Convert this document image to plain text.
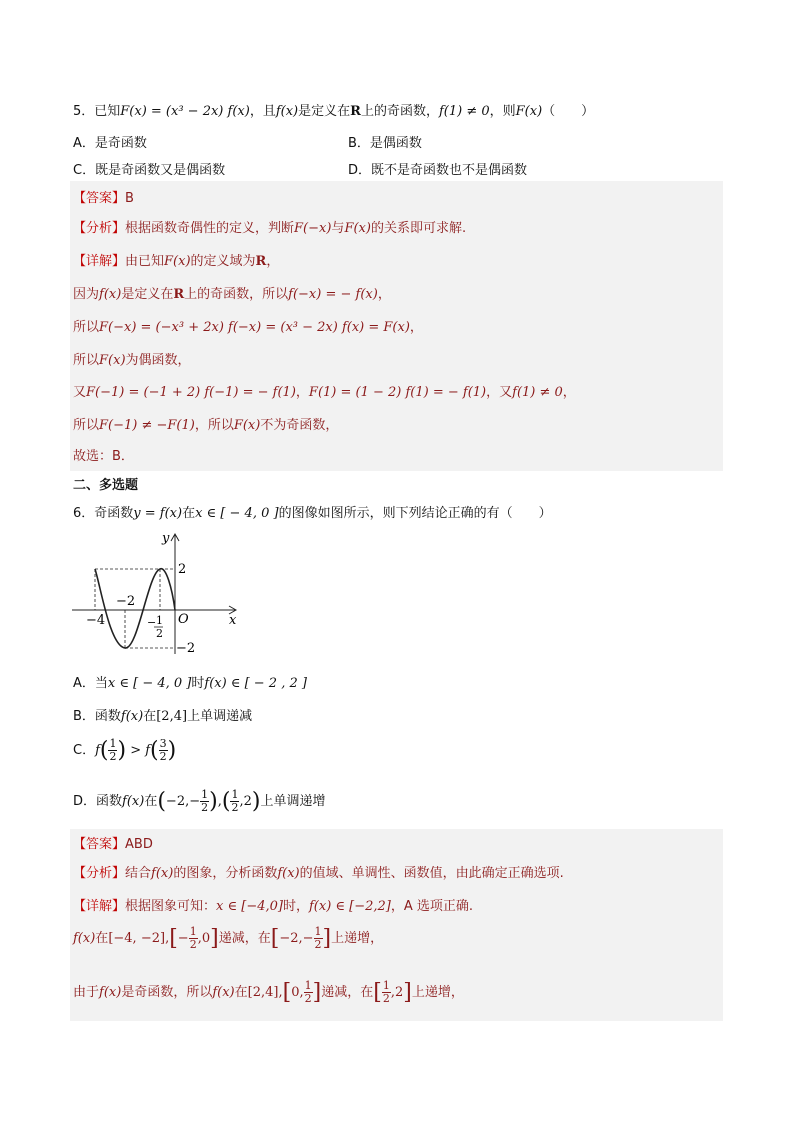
5．已知F(x) = (x³ − 2x) f(x)，且f(x)是定义在R上的奇函数，f(1) ≠ 0，则F(x)（　　）
A．是奇函数	B．是偶函数
C．既是奇函数又是偶函数	D．既不是奇函数也不是偶函数
【答案】B
【分析】根据函数奇偶性的定义，判断F(−x)与F(x)的关系即可求解.
【详解】由已知F(x)的定义域为R，
因为f(x)是定义在R上的奇函数，所以f(−x) = − f(x)，
所以F(−x) = (−x³ + 2x) f(−x) = (x³ − 2x) f(x) = F(x)，
所以F(x)为偶函数，
又F(−1) = (−1 + 2) f(−1) = − f(1)，F(1) = (1 − 2) f(1) = − f(1)，又f(1) ≠ 0，
所以F(−1) ≠ −F(1)，所以F(x)不为奇函数，
故选：B．
二、多选题
6．奇函数y = f(x)在x ∈ [ − 4, 0 ]的图像如图所示，则下列结论正确的有（　　）
y
x
O
2
−2
−4	− 1
2
−2
A．当x ∈ [ − 4, 0 ]时f(x) ∈ [ − 2 , 2 ]
B．函数f(x)在[2,4]上单调递减
C．$f( \frac{1}{2}$ ) > $f( \frac{3}{2}$ )
D．函数f(x)在($-2,- \frac{1}{2}$ ),( $\frac{1}{2} ,2$)上单调递增
【答案】ABD
【分析】结合f(x)的图象，分析函数f(x)的值域、单调性、函数值，由此确定正确选项.
【详解】根据图象可知：x ∈ [−4,0]时，f(x) ∈ [−2,2]，A 选项正确.
f(x)在[−4, $-2],[- \frac{1}{2} ,0]$递减，在[$-2,- \frac{1}{2}$ ]上递增，
由于f(x)是奇函数，所以f(x)在[2,4],[0, $\frac{1}{2}$ ]递减，在[ $\frac{1}{2} ,2$]上递增，
